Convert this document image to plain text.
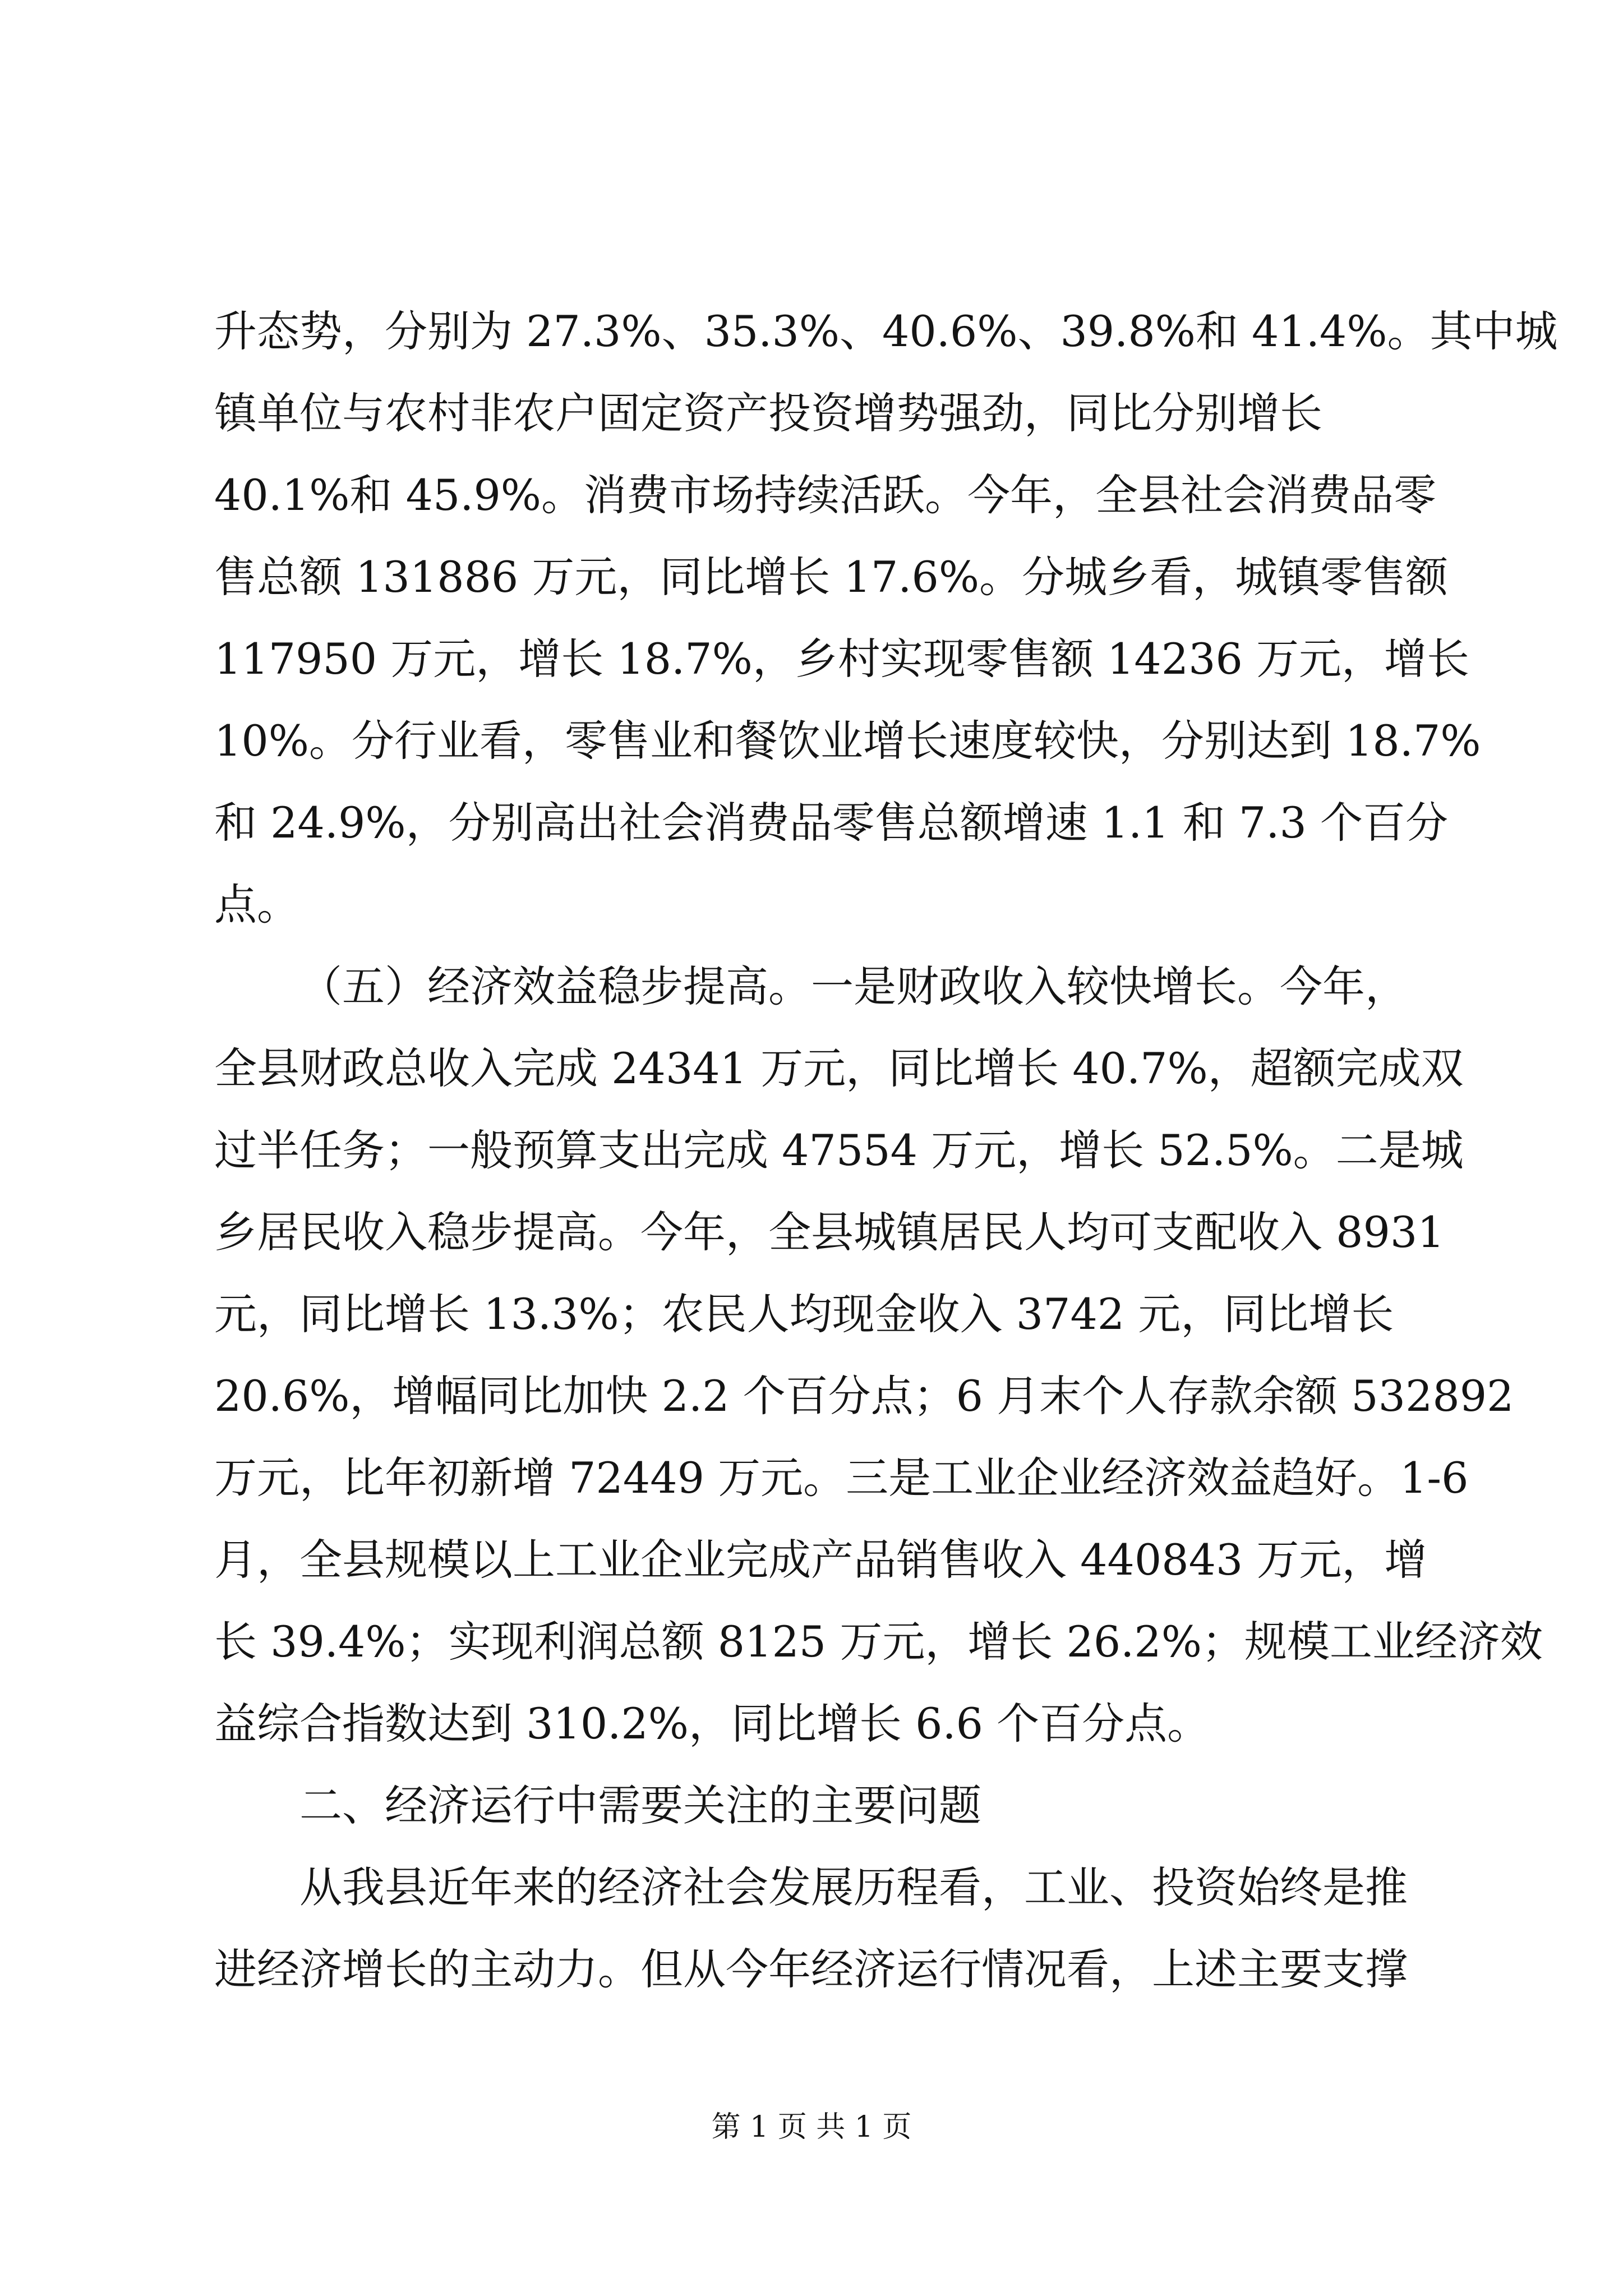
升态势，分别为 27.3%、35.3%、40.6%、39.8%和 41.4%。其中城
镇单位与农村非农户固定资产投资增势强劲，同比分别增长
40.1%和 45.9%。消费市场持续活跃。今年，全县社会消费品零
售总额 131886 万元，同比增长 17.6%。分城乡看，城镇零售额
117950 万元，增长 18.7%，乡村实现零售额 14236 万元，增长
10%。分行业看，零售业和餐饮业增长速度较快，分别达到 18.7%
和 24.9%，分别高出社会消费品零售总额增速 1.1 和 7.3 个百分
点。
（五）经济效益稳步提高。一是财政收入较快增长。今年，
全县财政总收入完成 24341 万元，同比增长 40.7%，超额完成双
过半任务；一般预算支出完成 47554 万元，增长 52.5%。二是城
乡居民收入稳步提高。今年，全县城镇居民人均可支配收入 8931
元，同比增长 13.3%；农民人均现金收入 3742 元，同比增长
20.6%，增幅同比加快 2.2 个百分点；6 月末个人存款余额 532892
万元，比年初新增 72449 万元。三是工业企业经济效益趋好。1-6
月，全县规模以上工业企业完成产品销售收入 440843 万元，增
长 39.4%；实现利润总额 8125 万元，增长 26.2%；规模工业经济效
益综合指数达到 310.2%，同比增长 6.6 个百分点。
二、经济运行中需要关注的主要问题
从我县近年来的经济社会发展历程看，工业、投资始终是推
进经济增长的主动力。但从今年经济运行情况看，上述主要支撑
第 1 页 共 1 页
